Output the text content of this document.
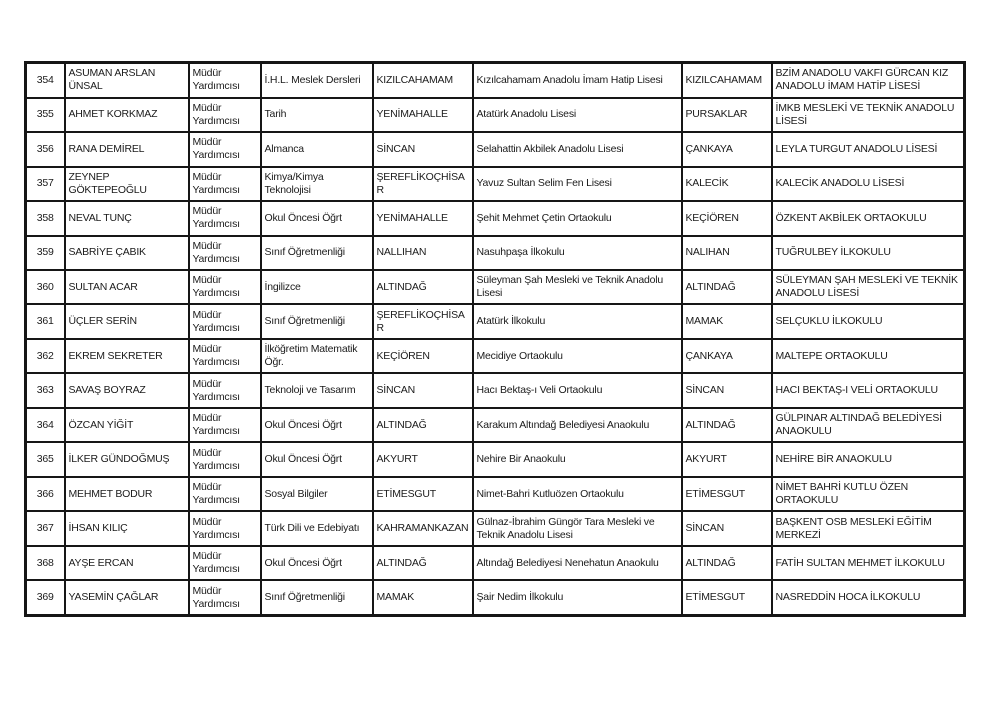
354	ASUMAN ARSLAN ÜNSAL	Müdür Yardımcısı	İ.H.L. Meslek Dersleri	KIZILCAHAMAM	Kızılcahamam Anadolu İmam Hatip Lisesi	KIZILCAHAMAM	BZİM ANADOLU VAKFI GÜRCAN KIZ ANADOLU İMAM HATİP LİSESİ
355	AHMET KORKMAZ	Müdür Yardımcısı	Tarih	YENİMAHALLE	Atatürk Anadolu Lisesi	PURSAKLAR	İMKB MESLEKİ VE TEKNİK ANADOLU LİSESİ
356	RANA DEMİREL	Müdür Yardımcısı	Almanca	SİNCAN	Selahattin Akbilek Anadolu Lisesi	ÇANKAYA	LEYLA TURGUT ANADOLU LİSESİ
357	ZEYNEP GÖKTEPEOĞLU	Müdür Yardımcısı	Kimya/Kimya Teknolojisi	ŞEREFLİKOÇHİSAR	Yavuz Sultan Selim Fen Lisesi	KALECİK	KALECİK ANADOLU LİSESİ
358	NEVAL TUNÇ	Müdür Yardımcısı	Okul Öncesi Öğrt	YENİMAHALLE	Şehit Mehmet Çetin Ortaokulu	KEÇİÖREN	ÖZKENT AKBİLEK ORTAOKULU
359	SABRİYE ÇABIK	Müdür Yardımcısı	Sınıf Öğretmenliği	NALLIHAN	Nasuhpaşa İlkokulu	NALIHAN	TUĞRULBEY İLKOKULU
360	SULTAN ACAR	Müdür Yardımcısı	İngilizce	ALTINDAĞ	Süleyman Şah Mesleki ve Teknik Anadolu Lisesi	ALTINDAĞ	SÜLEYMAN ŞAH MESLEKİ VE TEKNİK ANADOLU LİSESİ
361	ÜÇLER SERİN	Müdür Yardımcısı	Sınıf Öğretmenliği	ŞEREFLİKOÇHİSAR	Atatürk İlkokulu	MAMAK	SELÇUKLU İLKOKULU
362	EKREM SEKRETER	Müdür Yardımcısı	İlköğretim Matematik Öğr.	KEÇİÖREN	Mecidiye Ortaokulu	ÇANKAYA	MALTEPE ORTAOKULU
363	SAVAŞ BOYRAZ	Müdür Yardımcısı	Teknoloji ve Tasarım	SİNCAN	Hacı Bektaş-ı Veli Ortaokulu	SİNCAN	HACI BEKTAŞ-I VELİ ORTAOKULU
364	ÖZCAN YİĞİT	Müdür Yardımcısı	Okul Öncesi Öğrt	ALTINDAĞ	Karakum Altındağ Belediyesi Anaokulu	ALTINDAĞ	GÜLPINAR ALTINDAĞ BELEDİYESİ ANAOKULU
365	İLKER GÜNDOĞMUŞ	Müdür Yardımcısı	Okul Öncesi Öğrt	AKYURT	Nehire Bir Anaokulu	AKYURT	NEHİRE BİR ANAOKULU
366	MEHMET BODUR	Müdür Yardımcısı	Sosyal Bilgiler	ETİMESGUT	Nimet-Bahri Kutluözen Ortaokulu	ETİMESGUT	NİMET BAHRİ KUTLU ÖZEN ORTAOKULU
367	İHSAN KILIÇ	Müdür Yardımcısı	Türk Dili ve Edebiyatı	KAHRAMANKAZAN	Gülnaz-İbrahim Güngör Tara Mesleki ve Teknik Anadolu Lisesi	SİNCAN	BAŞKENT OSB MESLEKİ EĞİTİM MERKEZİ
368	AYŞE ERCAN	Müdür Yardımcısı	Okul Öncesi Öğrt	ALTINDAĞ	Altındağ Belediyesi Nenehatun Anaokulu	ALTINDAĞ	FATİH SULTAN MEHMET İLKOKULU
369	YASEMİN ÇAĞLAR	Müdür Yardımcısı	Sınıf Öğretmenliği	MAMAK	Şair Nedim İlkokulu	ETİMESGUT	NASREDDİN HOCA İLKOKULU
